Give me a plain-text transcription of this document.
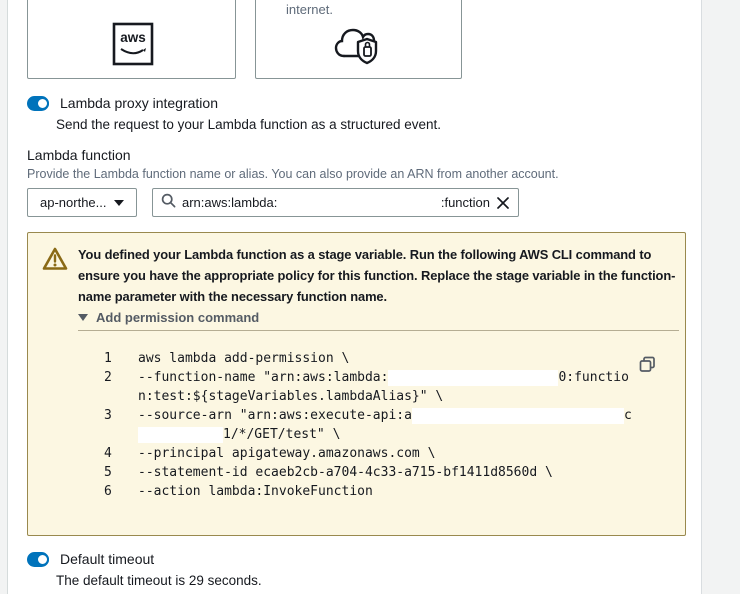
aws
internet.
Lambda proxy integration
Send the request to your Lambda function as a structured event.
Lambda function
Provide the Lambda function name or alias. You can also provide an ARN from another account.
ap-northe...	arn:aws:lambda:	:function
You defined your Lambda function as a stage variable. Run the following AWS CLI command to ensure you have the appropriate policy for this function. Replace the stage variable in the function-name parameter with the necessary function name.
Add permission command
1	aws lambda add-permission \
2	--function-name "arn:aws:lambda:	0:functio
n:test:${stageVariables.lambdaAlias}" \
3	--source-arn "arn:aws:execute-api:a	c
1/*/GET/test" \
4	--principal apigateway.amazonaws.com \
5	--statement-id ecaeb2cb-a704-4c33-a715-bf1411d8560d \
6	--action lambda:InvokeFunction
Default timeout
The default timeout is 29 seconds.
